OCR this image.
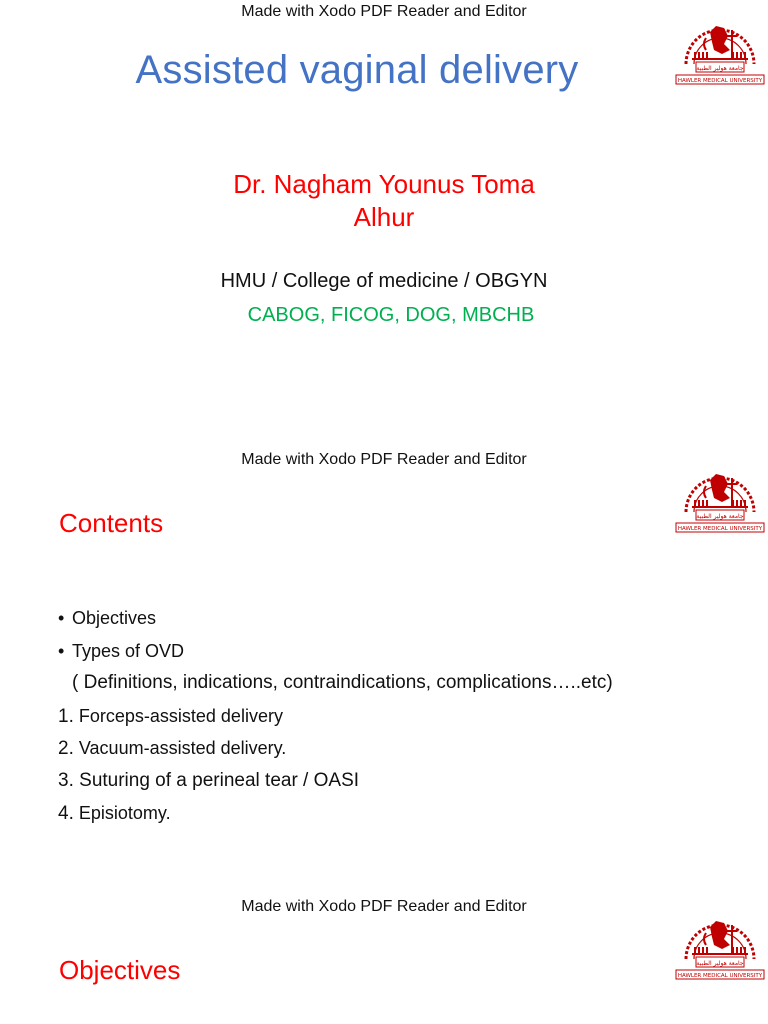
Made with Xodo PDF Reader and Editor
جامعة هولير الطبية
HAWLER MEDICAL UNIVERSITY
Assisted vaginal delivery
Dr. Nagham Younus Toma
Alhur
HMU / College of medicine / OBGYN
CABOG, FICOG, DOG, MBCHB
Made with Xodo PDF Reader and Editor
جامعة هولير الطبية
HAWLER MEDICAL UNIVERSITY
Contents
• Objectives
• Types of OVD
( Definitions, indications, contraindications, complications…..etc)
1. Forceps-assisted delivery
2. Vacuum-assisted delivery.
3. Suturing of a perineal tear / OASI
4. Episiotomy.
Made with Xodo PDF Reader and Editor
جامعة هولير الطبية
HAWLER MEDICAL UNIVERSITY
Objectives
